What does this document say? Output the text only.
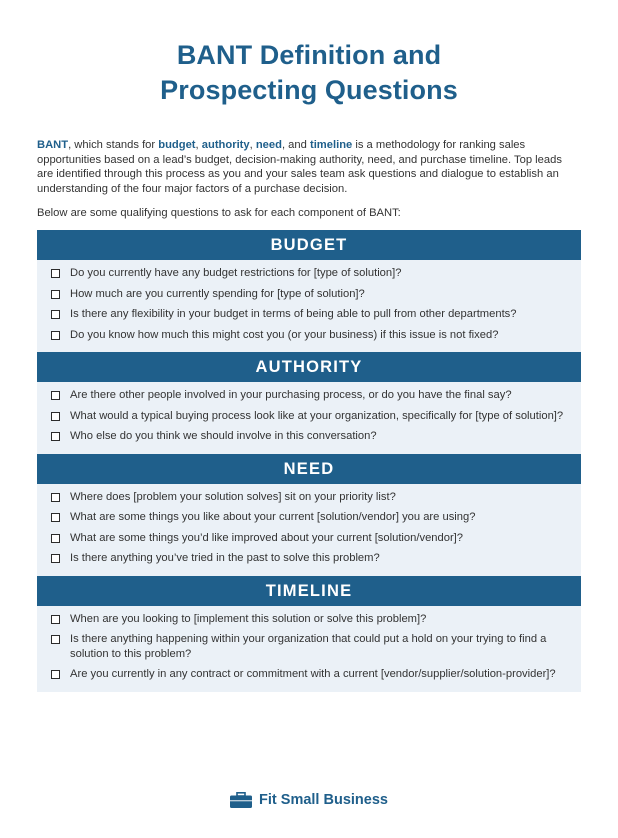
BANT Definition and
Prospecting Questions

BANT, which stands for budget, authority, need, and timeline is a methodology for ranking sales opportunities based on a lead’s budget, decision-making authority, need, and purchase timeline. Top leads are identified through this process as you and your sales team ask questions and dialogue to establish an understanding of the four major factors of a purchase decision.

Below are some qualifying questions to ask for each component of BANT:

BUDGET
Do you currently have any budget restrictions for [type of solution]?
How much are you currently spending for [type of solution]?
Is there any flexibility in your budget in terms of being able to pull from other departments?
Do you know how much this might cost you (or your business) if this issue is not fixed?
AUTHORITY
Are there other people involved in your purchasing process, or do you have the final say?
What would a typical buying process look like at your organization, specifically for [type of solution]?
Who else do you think we should involve in this conversation?
NEED
Where does [problem your solution solves] sit on your priority list?
What are some things you like about your current [solution/vendor] you are using?
What are some things you’d like improved about your current [solution/vendor]?
Is there anything you’ve tried in the past to solve this problem?
TIMELINE
When are you looking to [implement this solution or solve this problem]?
Is there anything happening within your organization that could put a hold on your trying to find a solution to this problem?
Are you currently in any contract or commitment with a current [vendor/supplier/solution-provider]?
Fit Small Business
